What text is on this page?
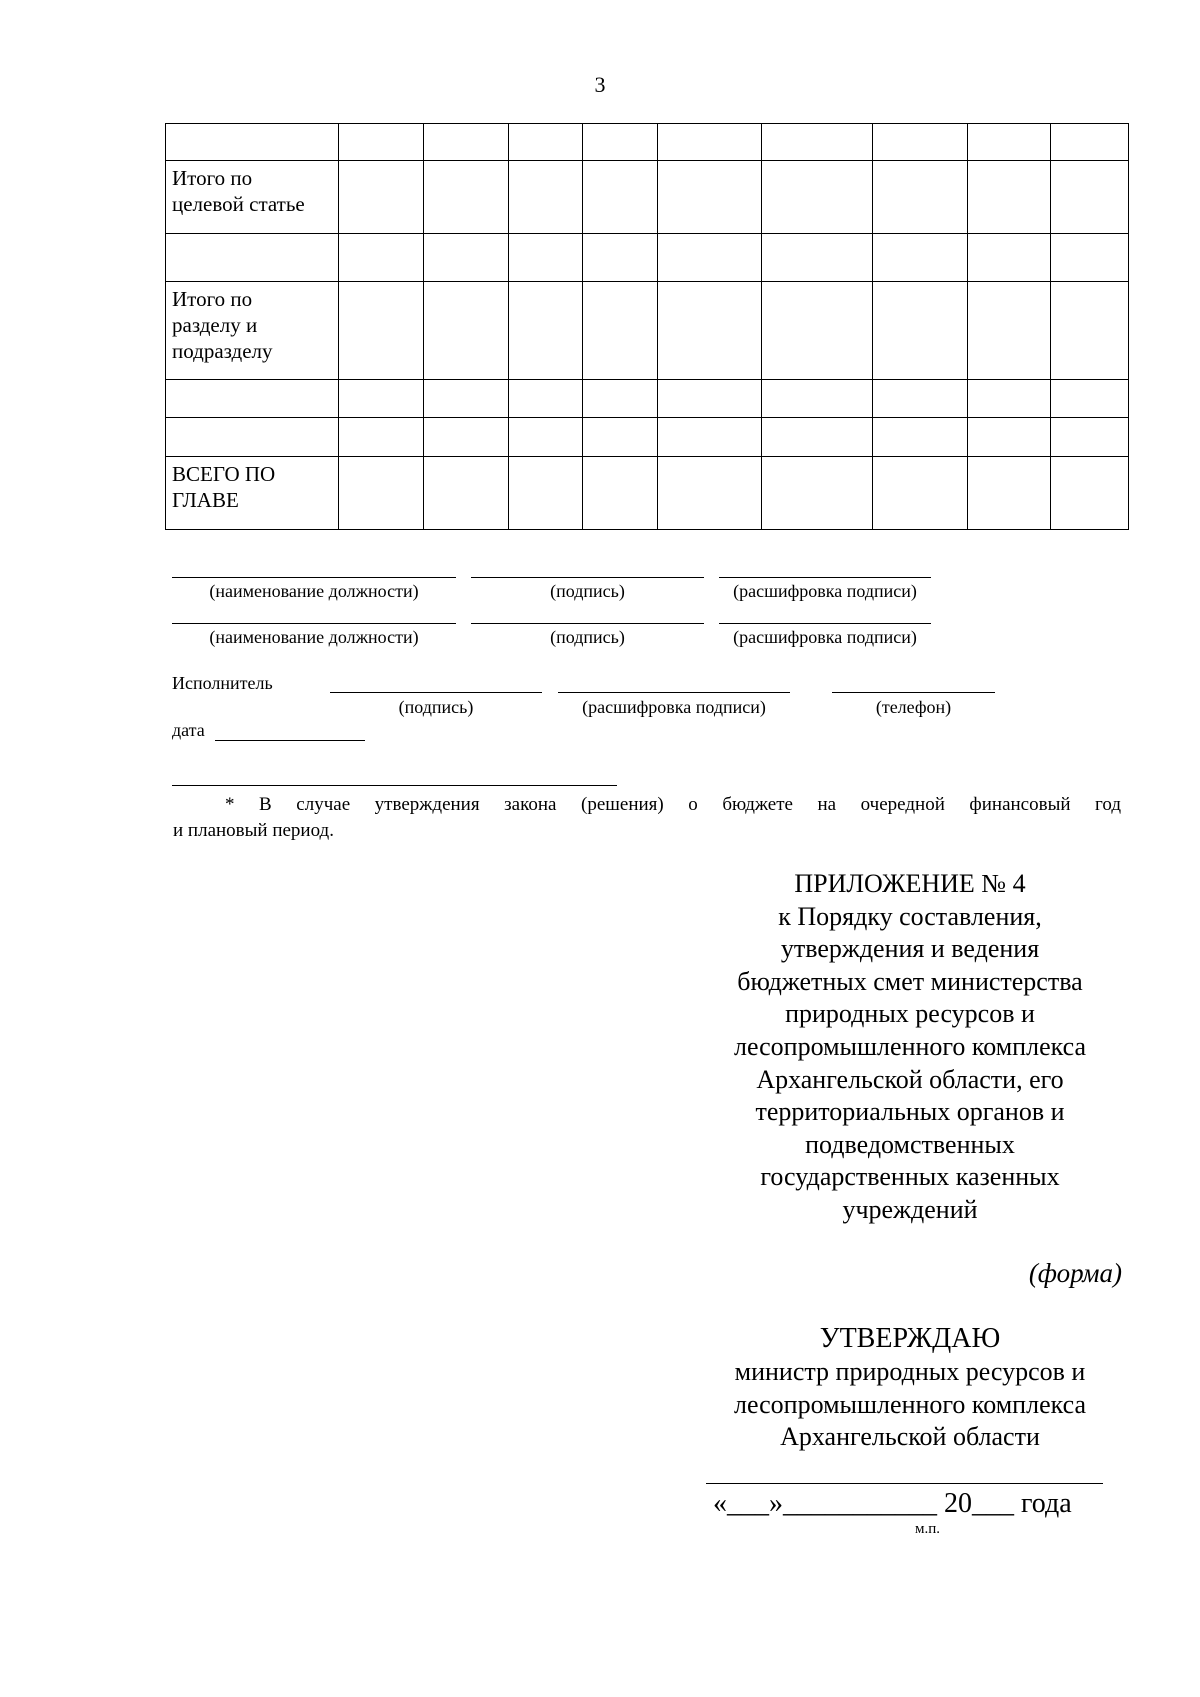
3

Итого по
целевой статье									

Итого по
разделу и
подразделу									

ВСЕГО ПО
ГЛАВЕ									
(наименование должности)	(подпись)	(расшифровка подписи)
(наименование должности)	(подпись)	(расшифровка подписи)
Исполнитель
(подпись)	(расшифровка подписи)	(телефон)
дата
* В случае утверждения закона (решения) о бюджете на очередной финансовый год
и плановый период.
ПРИЛОЖЕНИЕ № 4
к Порядку составления,
утверждения и ведения
бюджетных смет министерства
природных ресурсов и
лесопромышленного комплекса
Архангельской области, его
территориальных органов и
подведомственных
государственных казенных
учреждений
(форма)
УТВЕРЖДАЮ
министр природных ресурсов и
лесопромышленного комплекса
Архангельской области
«___»___________ 20___ года
м.п.
